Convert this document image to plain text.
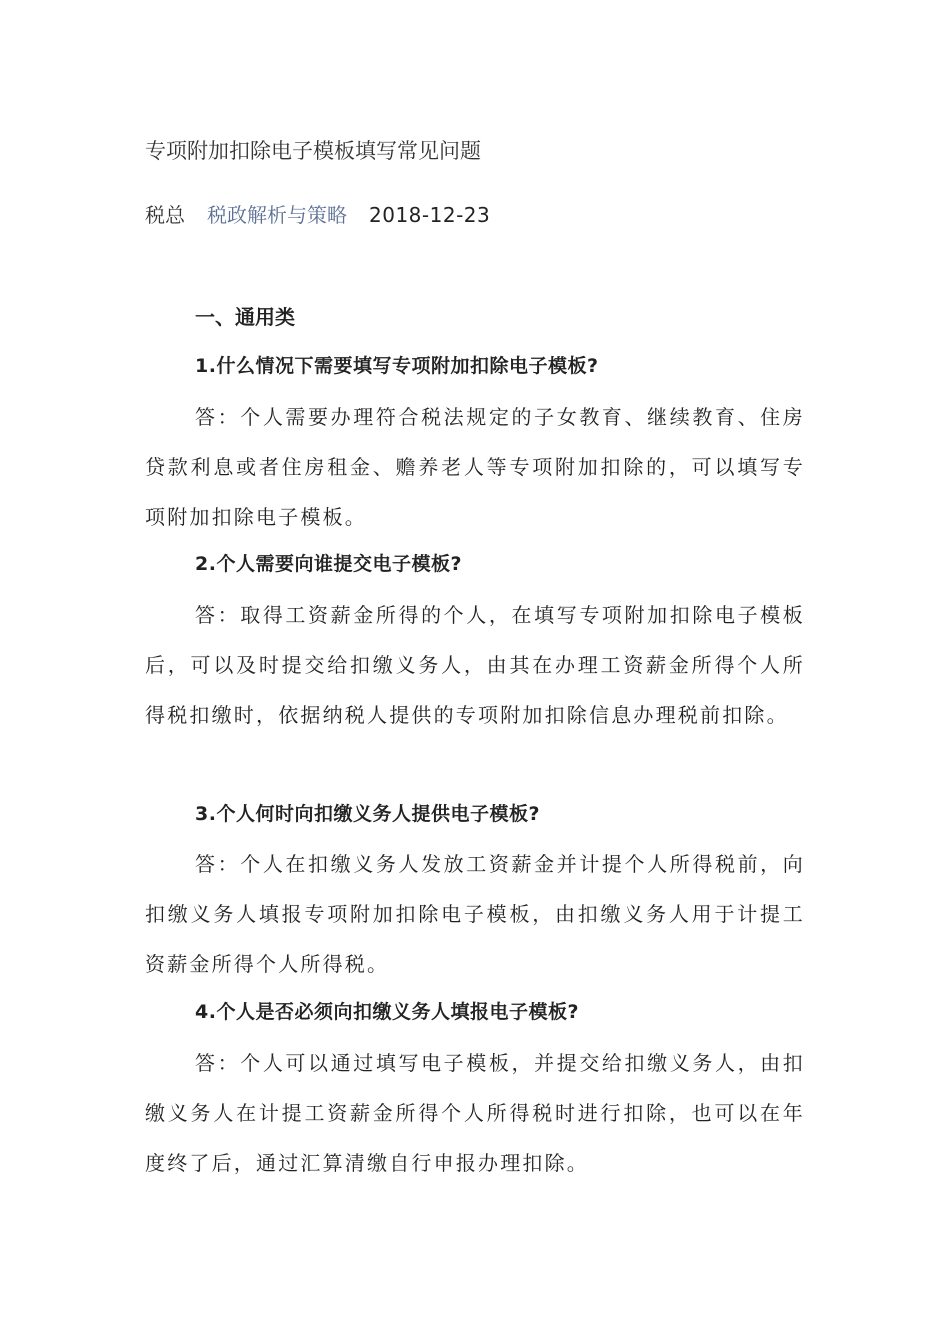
专项附加扣除电子模板填写常见问题
税总 税政解析与策略 2018-12-23
一、通用类
1.什么情况下需要填写专项附加扣除电子模板?

答：个人需要办理符合税法规定的子女教育、继续教育、住房贷款利息或者住房租金、赡养老人等专项附加扣除的，可以填写专项附加扣除电子模板。

2.个人需要向谁提交电子模板?

答：取得工资薪金所得的个人，在填写专项附加扣除电子模板后，可以及时提交给扣缴义务人，由其在办理工资薪金所得个人所得税扣缴时，依据纳税人提供的专项附加扣除信息办理税前扣除。

3.个人何时向扣缴义务人提供电子模板?

答：个人在扣缴义务人发放工资薪金并计提个人所得税前，向扣缴义务人填报专项附加扣除电子模板，由扣缴义务人用于计提工资薪金所得个人所得税。

4.个人是否必须向扣缴义务人填报电子模板?

答：个人可以通过填写电子模板，并提交给扣缴义务人，由扣缴义务人在计提工资薪金所得个人所得税时进行扣除，也可以在年度终了后，通过汇算清缴自行申报办理扣除。
